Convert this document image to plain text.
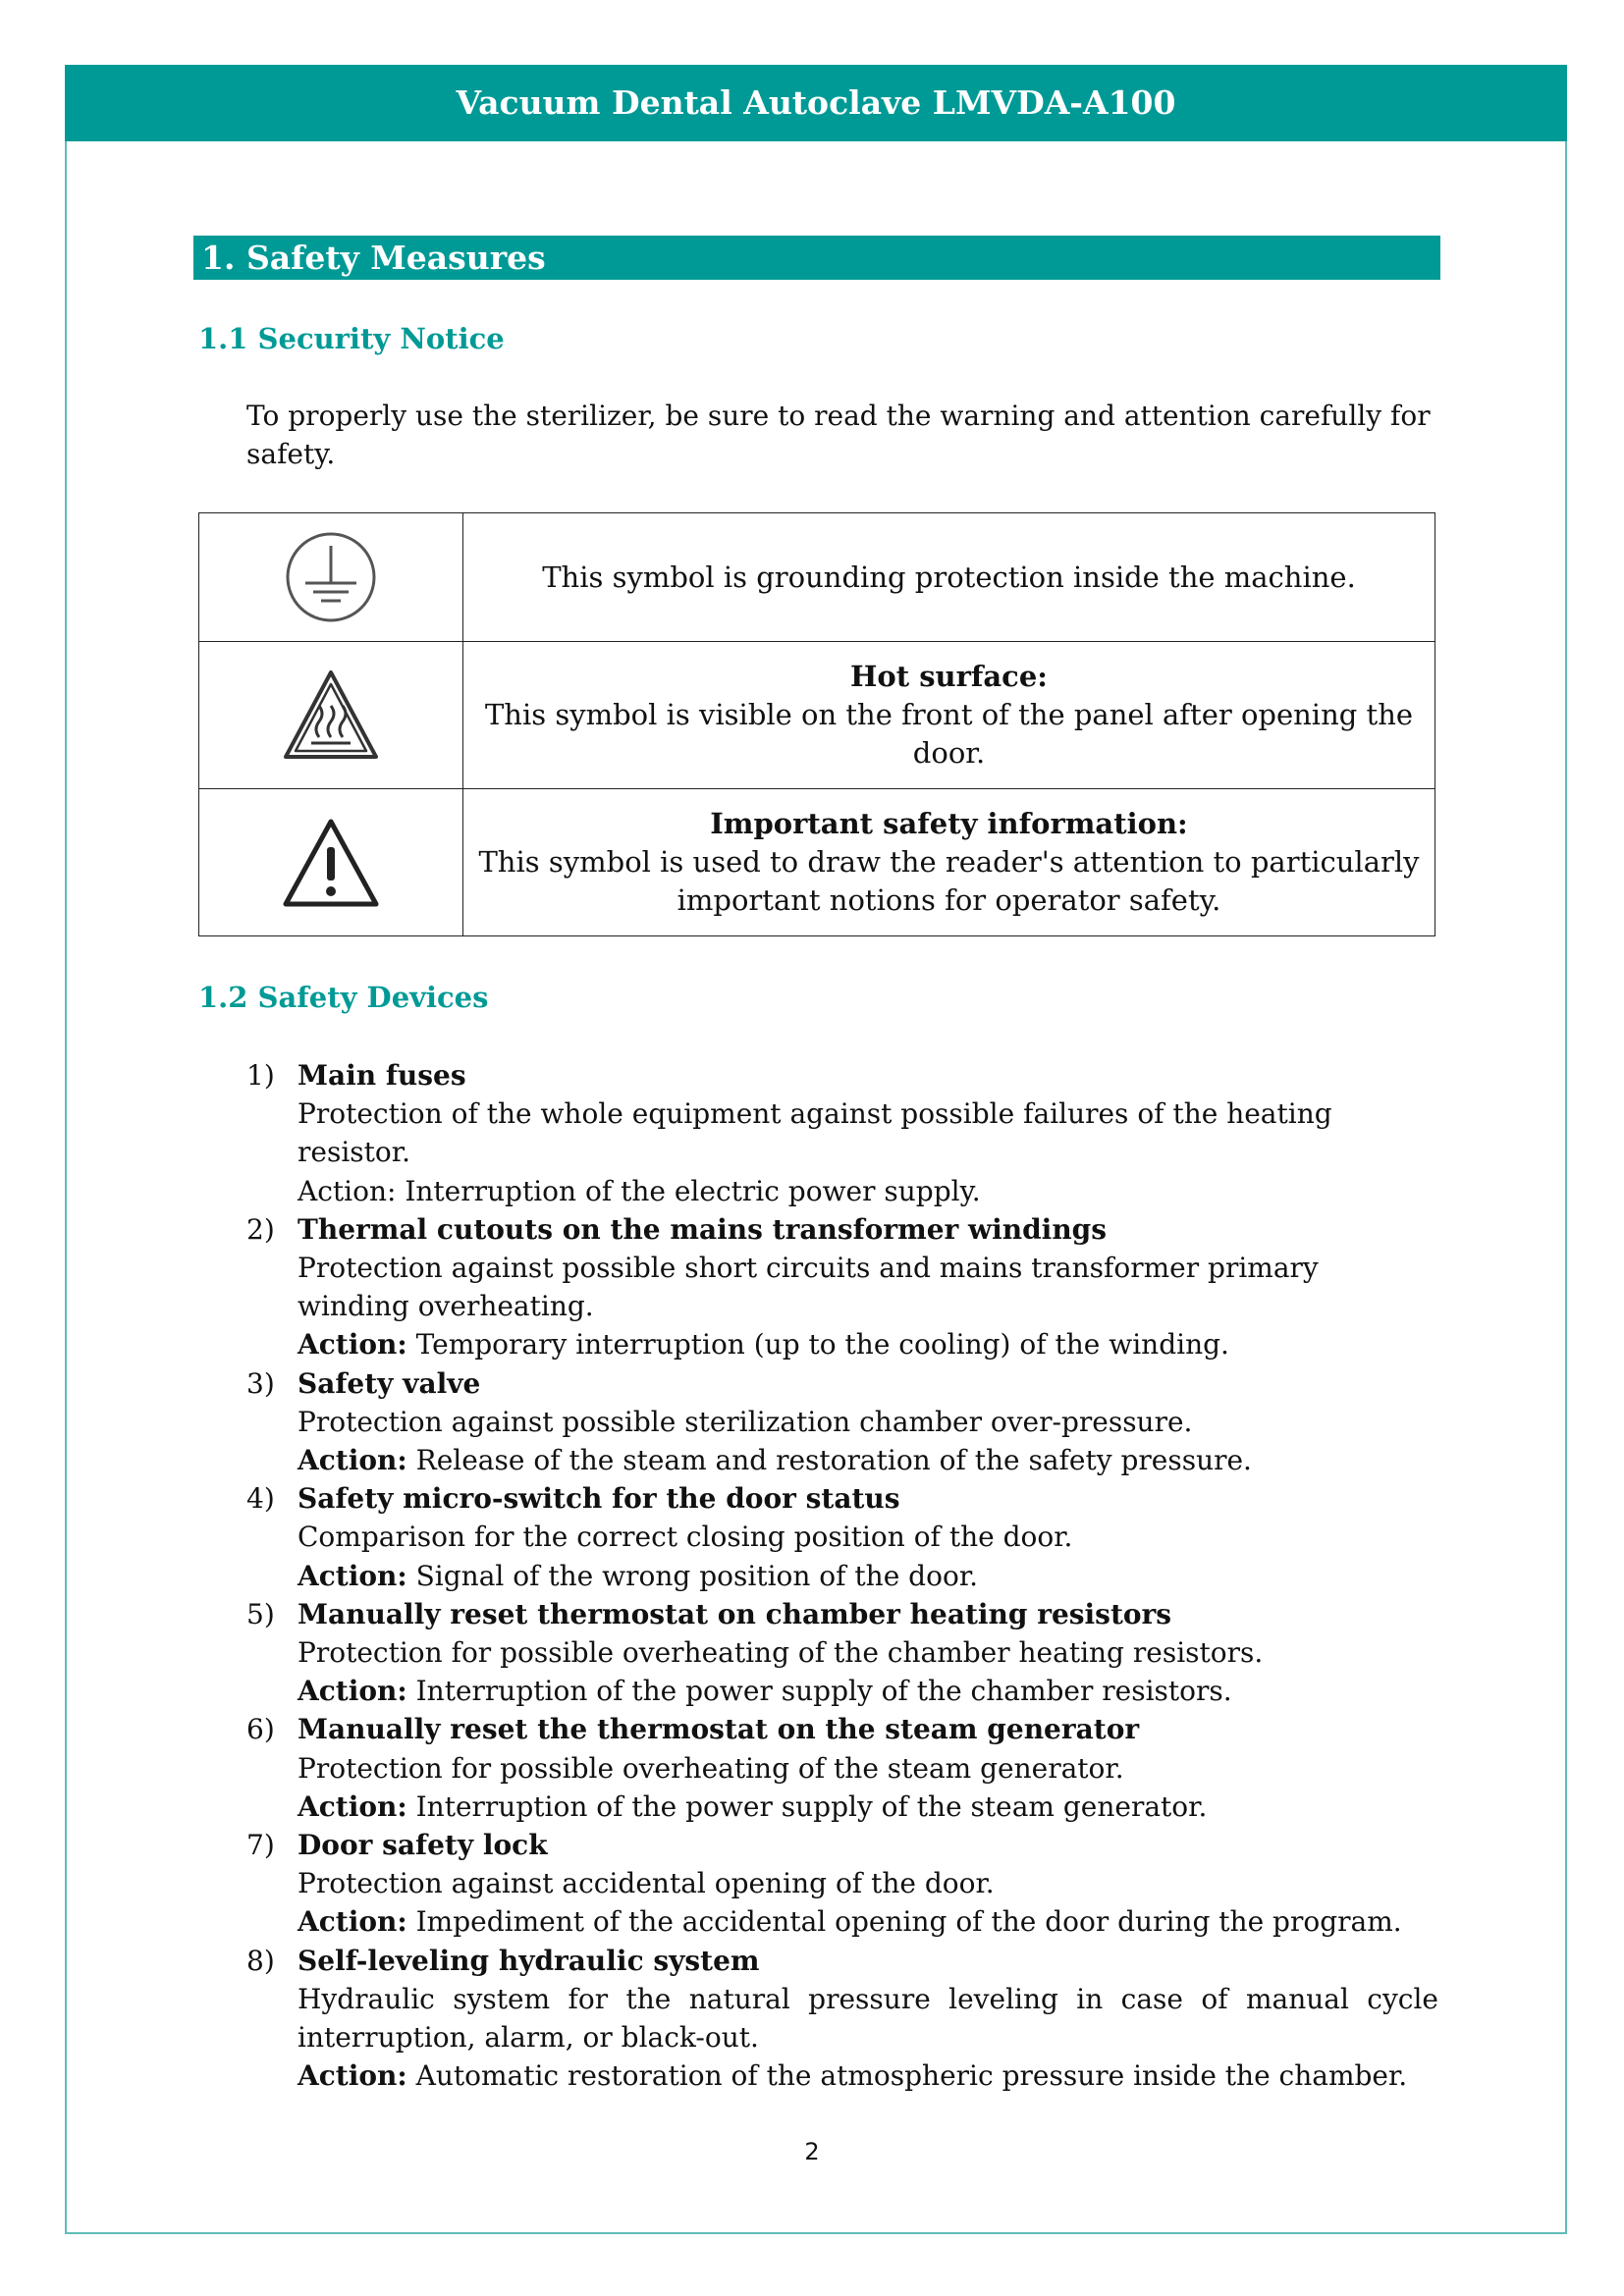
Vacuum Dental Autoclave LMVDA-A100
1. Safety Measures
1.1 Security Notice
To properly use the sterilizer, be sure to read the warning and attention carefully for safety.
	This symbol is grounding protection inside the machine.

Hot surface:
This symbol is visible on the front of the panel after opening the door.

Important safety information:
This symbol is used to draw the reader's attention to particularly important notions for operator safety.
1.2 Safety Devices
1) Main fuses
Protection of the whole equipment against possible failures of the heating resistor.
Action: Interruption of the electric power supply.
2) Thermal cutouts on the mains transformer windings
Protection against possible short circuits and mains transformer primary winding overheating.
Action: Temporary interruption (up to the cooling) of the winding.
3) Safety valve
Protection against possible sterilization chamber over-pressure.
Action: Release of the steam and restoration of the safety pressure.
4) Safety micro-switch for the door status
Comparison for the correct closing position of the door.
Action: Signal of the wrong position of the door.
5) Manually reset thermostat on chamber heating resistors
Protection for possible overheating of the chamber heating resistors.
Action: Interruption of the power supply of the chamber resistors.
6) Manually reset the thermostat on the steam generator
Protection for possible overheating of the steam generator.
Action: Interruption of the power supply of the steam generator.
7) Door safety lock
Protection against accidental opening of the door.
Action: Impediment of the accidental opening of the door during the program.
8) Self-leveling hydraulic system
Hydraulic system for the natural pressure leveling in case of manual cycle interruption, alarm, or black-out.
Action: Automatic restoration of the atmospheric pressure inside the chamber.
2
